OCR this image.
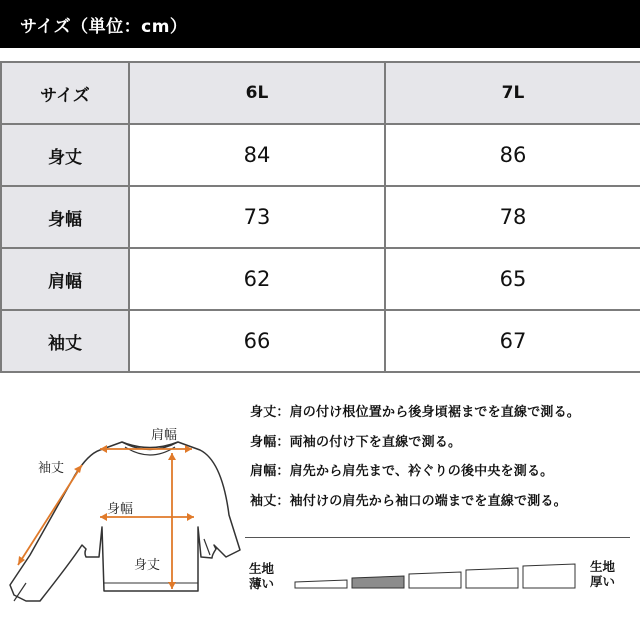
サイズ（単位：cm）
サイズ	6L	7L
身丈	84	86
身幅	73	78
肩幅	62	65
袖丈	66	67
肩幅
袖丈
身幅
身丈
身丈：肩の付け根位置から後身頃裾までを直線で測る。
身幅：両袖の付け下を直線で測る。
肩幅：肩先から肩先まで、衿ぐりの後中央を測る。
袖丈：袖付けの肩先から袖口の端までを直線で測る。
生地
薄い
生地
厚い
